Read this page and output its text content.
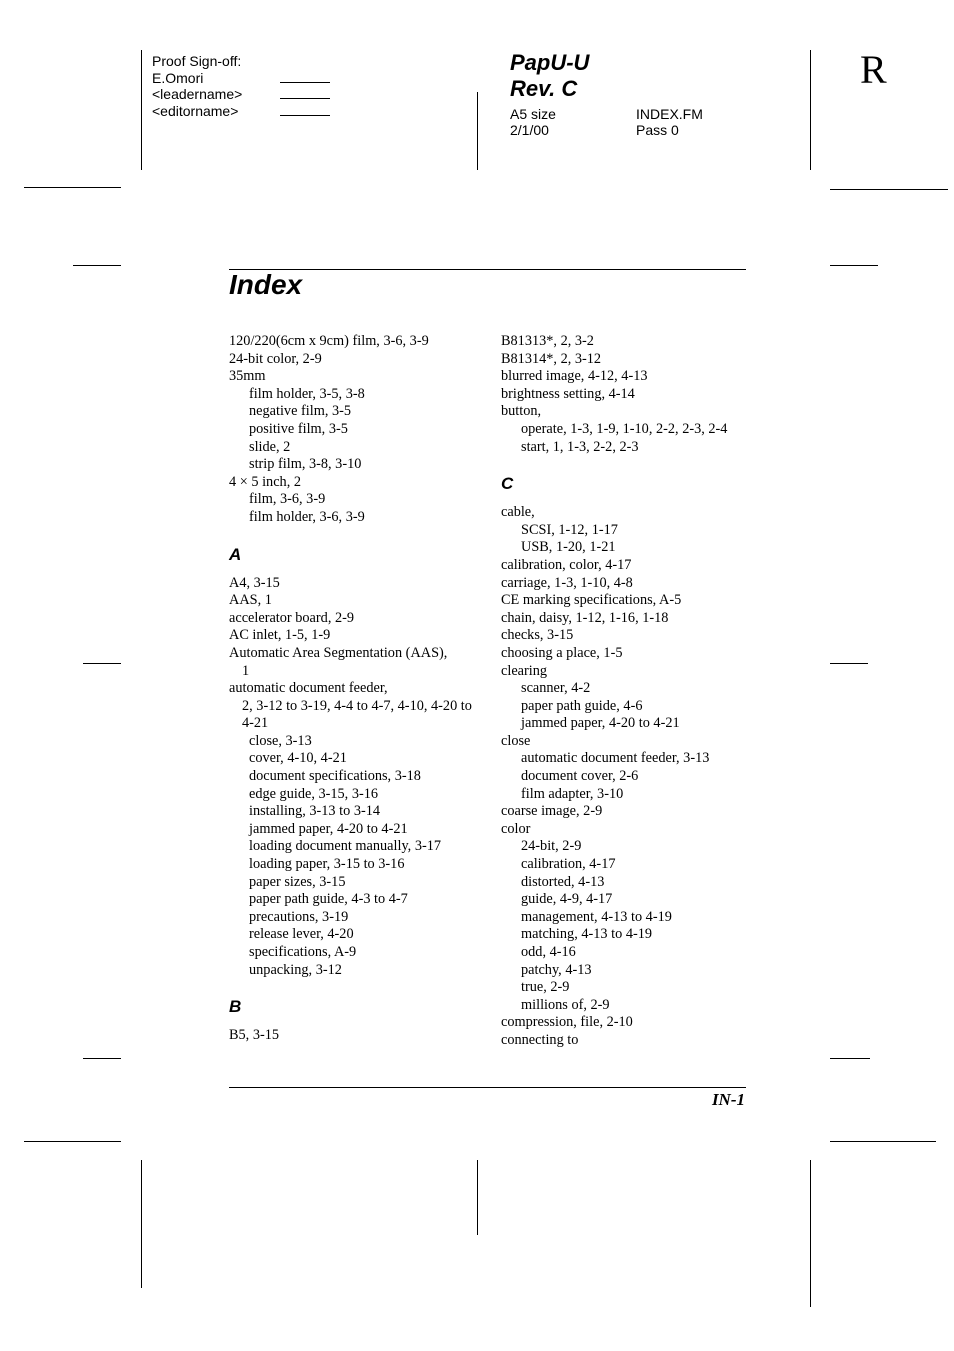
Proof Sign-off:
E.Omori
<leadername>
<editorname>
PapU-U
Rev. C
A5 size	INDEX.FM
2/1/00	Pass 0
R
Index
120/220(6cm x 9cm) film, 3-6, 3-9
24-bit color, 2-9
35mm
film holder, 3-5, 3-8
negative film, 3-5
positive film, 3-5
slide, 2
strip film, 3-8, 3-10
4 × 5 inch, 2
film, 3-6, 3-9
film holder, 3-6, 3-9
A
A4, 3-15
AAS, 1
accelerator board, 2-9
AC inlet, 1-5, 1-9
Automatic Area Segmentation (AAS),
1
automatic document feeder,
2, 3-12 to 3-19, 4-4 to 4-7, 4-10, 4-20 to
4-21
close, 3-13
cover, 4-10, 4-21
document specifications, 3-18
edge guide, 3-15, 3-16
installing, 3-13 to 3-14
jammed paper, 4-20 to 4-21
loading document manually, 3-17
loading paper, 3-15 to 3-16
paper sizes, 3-15
paper path guide, 4-3 to 4-7
precautions, 3-19
release lever, 4-20
specifications, A-9
unpacking, 3-12
B
B5, 3-15
B81313*, 2, 3-2
B81314*, 2, 3-12
blurred image, 4-12, 4-13
brightness setting, 4-14
button,
operate, 1-3, 1-9, 1-10, 2-2, 2-3, 2-4
start, 1, 1-3, 2-2, 2-3
C
cable,
SCSI, 1-12, 1-17
USB, 1-20, 1-21
calibration, color, 4-17
carriage, 1-3, 1-10, 4-8
CE marking specifications, A-5
chain, daisy, 1-12, 1-16, 1-18
checks, 3-15
choosing a place, 1-5
clearing
scanner, 4-2
paper path guide, 4-6
jammed paper, 4-20 to 4-21
close
automatic document feeder, 3-13
document cover, 2-6
film adapter, 3-10
coarse image, 2-9
color
24-bit, 2-9
calibration, 4-17
distorted, 4-13
guide, 4-9, 4-17
management, 4-13 to 4-19
matching, 4-13 to 4-19
odd, 4-16
patchy, 4-13
true, 2-9
millions of, 2-9
compression, file, 2-10
connecting to
IN-1
